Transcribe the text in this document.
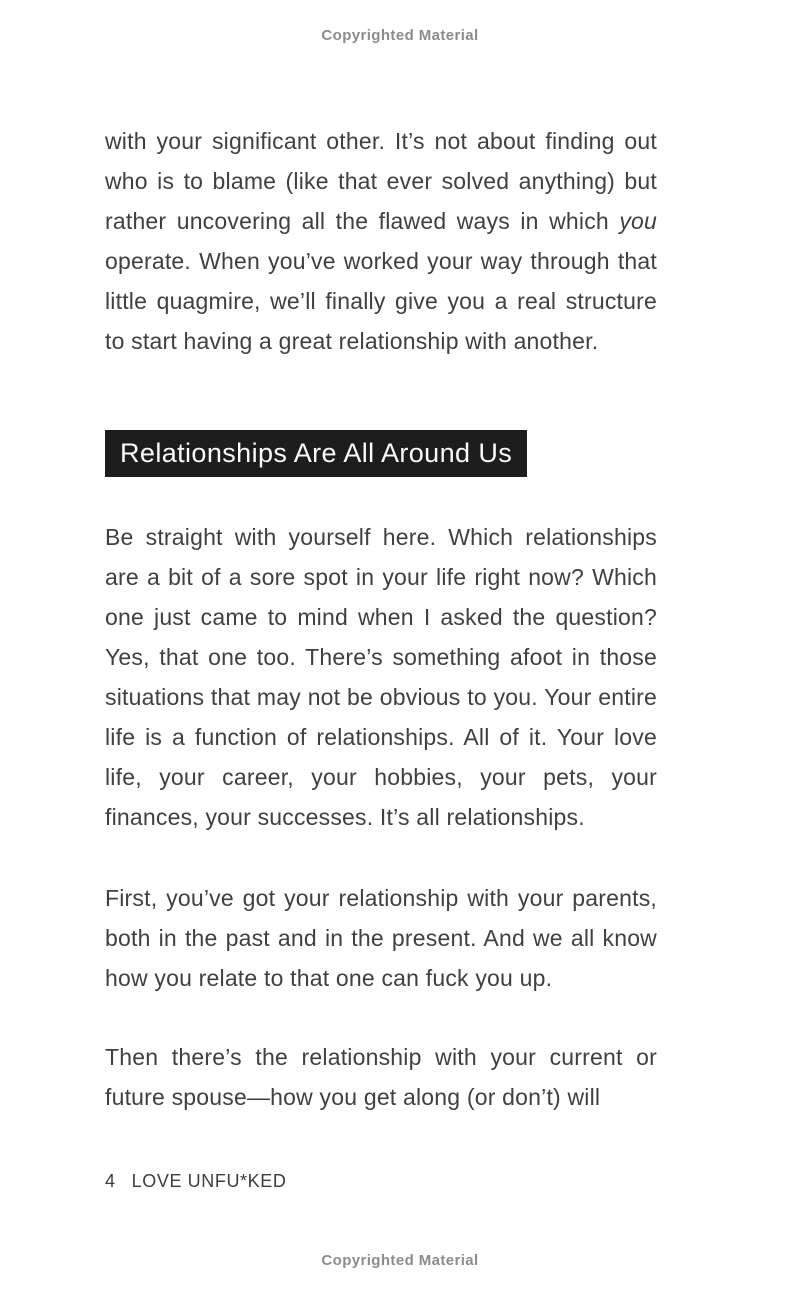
Copyrighted Material
with your significant other. It’s not about finding out who is to blame (like that ever solved anything) but rather uncovering all the flawed ways in which you operate. When you’ve worked your way through that little quagmire, we’ll finally give you a real structure to start having a great relationship with another.
Relationships Are All Around Us
Be straight with yourself here. Which relationships are a bit of a sore spot in your life right now? Which one just came to mind when I asked the question? Yes, that one too. There’s something afoot in those situations that may not be obvious to you. Your entire life is a function of relationships. All of it. Your love life, your career, your hobbies, your pets, your finances, your successes. It’s all relationships.
First, you’ve got your relationship with your parents, both in the past and in the present. And we all know how you relate to that one can fuck you up.
Then there’s the relationship with your current or future spouse—how you get along (or don’t) will
4 LOVE UNFU*KED
Copyrighted Material
